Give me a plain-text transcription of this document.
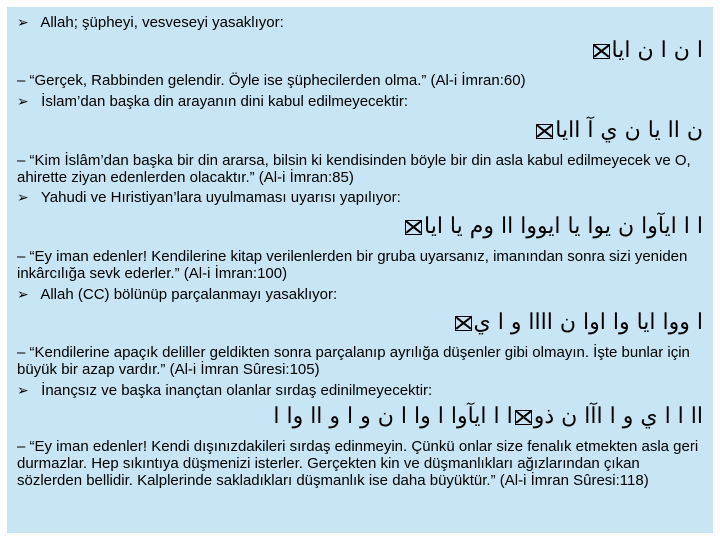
➢ Allah; şüpheyi, vesveseyi yasaklıyor:
ا ن ا ن ايا
– “Gerçek, Rabbinden gelendir. Öyle ise şüphecilerden olma.” (Al-i İmran:60)
➢ İslam’dan başka din arayanın dini kabul edilmeyecektir:
ن اا يا ن ي آ اايا
– “Kim İslâm’dan başka bir din ararsa, bilsin ki kendisinden böyle bir din asla kabul edilmeyecek ve O, ahirette ziyan edenlerden olacaktır.” (Al-i İmran:85)
➢ Yahudi ve Hıristiyan’lara uyulmaması uyarısı yapılıyor:
ا ا ايآوا ن يوا يا ايووا اا وم يا ايا
– “Ey iman edenler! Kendilerine kitap verilenlerden bir gruba uyarsanız, imanından sonra sizi yeniden inkârcılığa sevk ederler.” (Al-i İmran:100)
➢ Allah (CC) bölünüp parçalanmayı yasaklıyor:
ا ووا ايا وا اوا ن اااا و ا ي
– “Kendilerine apaçık deliller geldikten sonra parçalanıp ayrılığa düşenler gibi olmayın. İşte bunlar için büyük bir azap vardır.” (Al-i İmran Sûresi:105)
➢ İnançsız ve başka inançtan olanlar sırdaş edinilmeyecektir:
اا ا ا ي و ا اآا ن ذوا ا ايآوا ا وا ا ن و ا و اا وا ا
– “Ey iman edenler! Kendi dışınızdakileri sırdaş edinmeyin. Çünkü onlar size fenalık etmekten asla geri durmazlar. Hep sıkıntıya düşmenizi isterler. Gerçekten kin ve düşmanlıkları ağızlarından çıkan sözlerden bellidir. Kalplerinde sakladıkları düşmanlık ise daha büyüktür.” (Al-i İmran Sûresi:118)
